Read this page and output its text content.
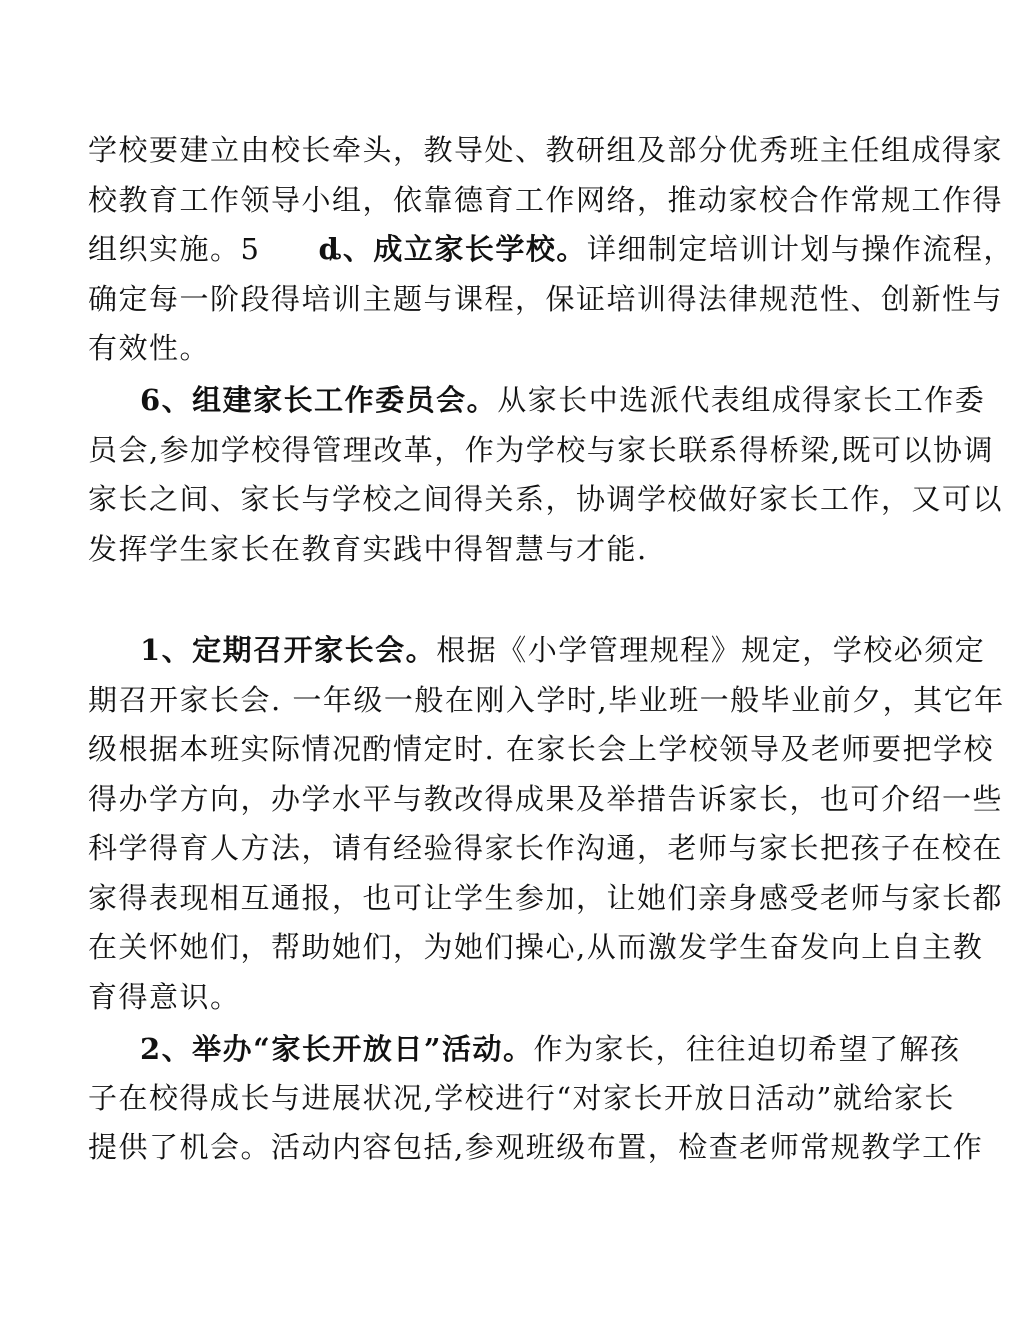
学校要建立由校长牵头，教导处、教研组及部分优秀班主任组成得家
校教育工作领导小组，依靠德育工作网络，推动家校合作常规工作得
组织实施。5 ȡ、成立家长学校。详细制定培训计划与操作流程，
确定每一阶段得培训主题与课程，保证培训得法律规范性、创新性与
有效性。
6、组建家长工作委员会。从家长中选派代表组成得家长工作委
员会,参加学校得管理改革，作为学校与家长联系得桥梁,既可以协调
家长之间、家长与学校之间得关系，协调学校做好家长工作，又可以
发挥学生家长在教育实践中得智慧与才能.
1、定期召开家长会。根据《小学管理规程》规定，学校必须定
期召开家长会. 一年级一般在刚入学时,毕业班一般毕业前夕，其它年
级根据本班实际情况酌情定时. 在家长会上学校领导及老师要把学校
得办学方向，办学水平与教改得成果及举措告诉家长，也可介绍一些
科学得育人方法，请有经验得家长作沟通，老师与家长把孩子在校在
家得表现相互通报，也可让学生参加，让她们亲身感受老师与家长都
在关怀她们，帮助她们，为她们操心,从而激发学生奋发向上自主教
育得意识。
2、举办“家长开放日”活动。作为家长，往往迫切希望了解孩
子在校得成长与进展状况,学校进行“对家长开放日活动”就给家长
提供了机会。活动内容包括,参观班级布置，检查老师常规教学工作
